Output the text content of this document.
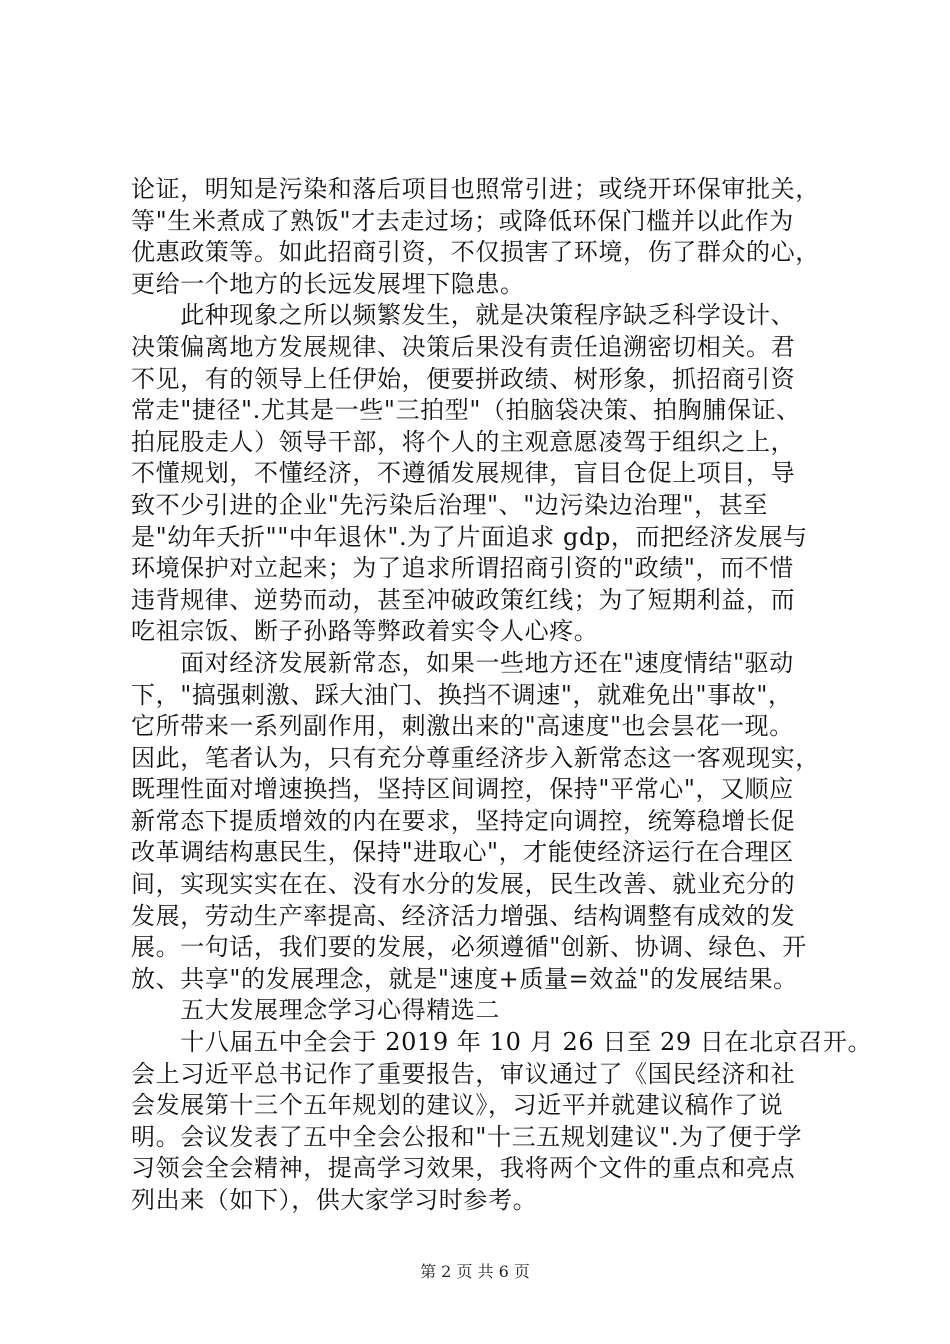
论证，明知是污染和落后项目也照常引进；或绕开环保审批关，
等"生米煮成了熟饭"才去走过场；或降低环保门槛并以此作为
优惠政策等。如此招商引资，不仅损害了环境，伤了群众的心，
更给一个地方的长远发展埋下隐患。
　　此种现象之所以频繁发生，就是决策程序缺乏科学设计、
决策偏离地方发展规律、决策后果没有责任追溯密切相关。君
不见，有的领导上任伊始，便要拼政绩、树形象，抓招商引资
常走"捷径".尤其是一些"三拍型"（拍脑袋决策、拍胸脯保证、
拍屁股走人）领导干部，将个人的主观意愿凌驾于组织之上，
不懂规划，不懂经济，不遵循发展规律，盲目仓促上项目，导
致不少引进的企业"先污染后治理"、"边污染边治理"，甚至
是"幼年夭折""中年退休".为了片面追求 gdp，而把经济发展与
环境保护对立起来；为了追求所谓招商引资的"政绩"，而不惜
违背规律、逆势而动，甚至冲破政策红线；为了短期利益，而
吃祖宗饭、断子孙路等弊政着实令人心疼。
　　面对经济发展新常态，如果一些地方还在"速度情结"驱动
下，"搞强刺激、踩大油门、换挡不调速"，就难免出"事故"，
它所带来一系列副作用，刺激出来的"高速度"也会昙花一现。
因此，笔者认为，只有充分尊重经济步入新常态这一客观现实，
既理性面对增速换挡，坚持区间调控，保持"平常心"，又顺应
新常态下提质增效的内在要求，坚持定向调控，统筹稳增长促
改革调结构惠民生，保持"进取心"，才能使经济运行在合理区
间，实现实实在在、没有水分的发展，民生改善、就业充分的
发展，劳动生产率提高、经济活力增强、结构调整有成效的发
展。一句话，我们要的发展，必须遵循"创新、协调、绿色、开
放、共享"的发展理念，就是"速度+质量=效益"的发展结果。
　　五大发展理念学习心得精选二
　　十八届五中全会于 2019 年 10 月 26 日至 29 日在北京召开。
会上习近平总书记作了重要报告，审议通过了《国民经济和社
会发展第十三个五年规划的建议》，习近平并就建议稿作了说
明。会议发表了五中全会公报和"十三五规划建议".为了便于学
习领会全会精神，提高学习效果，我将两个文件的重点和亮点
列出来（如下），供大家学习时参考。
第 2 页 共 6 页
